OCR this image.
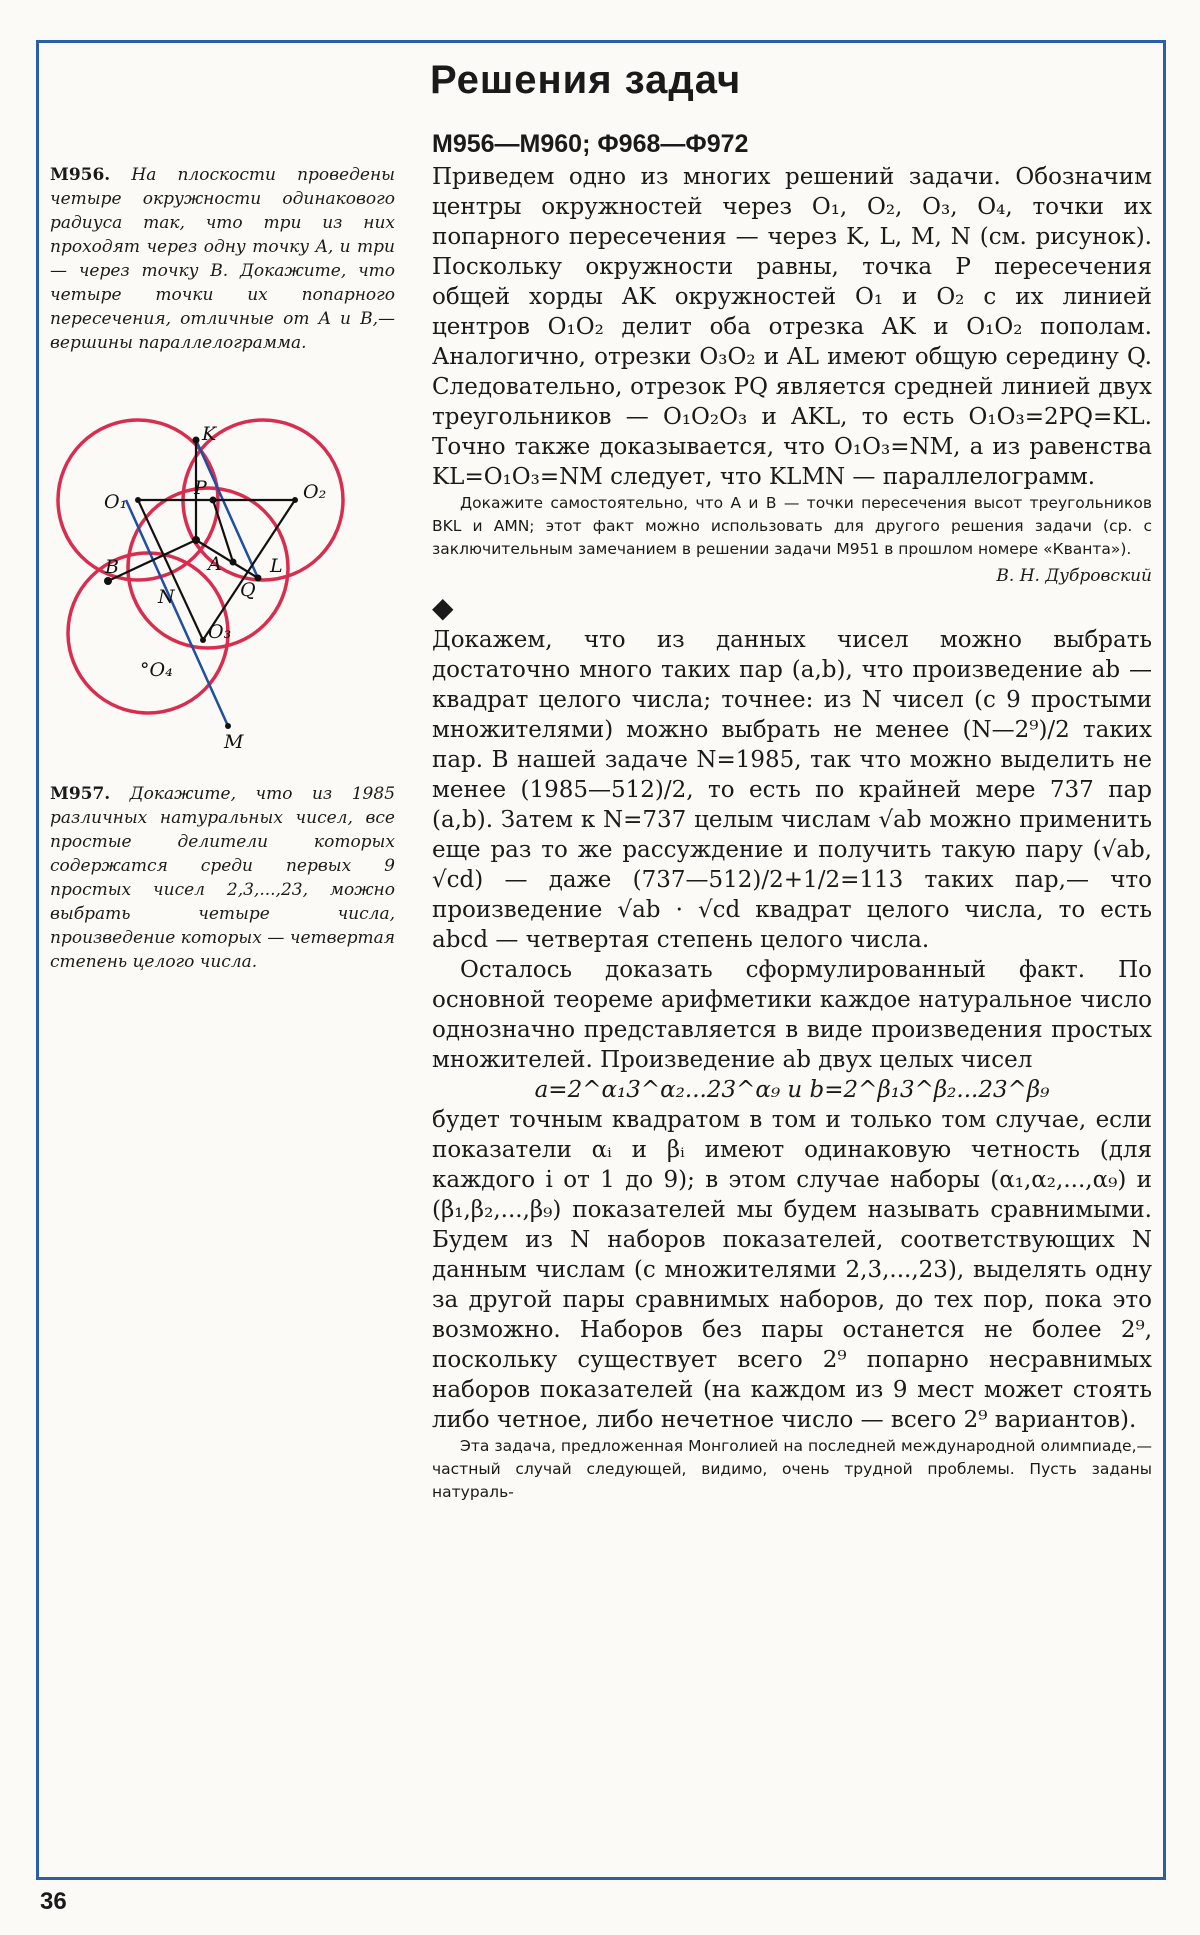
Решения задач
М956. На плоскости проведены четыре окружности одинакового радиуса так, что три из них проходят через одну точку A, и три — через точку B. Докажите, что четыре точки их попарного пересечения, отличные от A и B,— вершины параллелограмма.
K
P
O₁	O₂
B	A	L
N	Q
O₃
°O₄
M
М957. Докажите, что из 1985 различных натуральных чисел, все простые делители которых содержатся среди первых 9 простых чисел 2,3,...,23, можно выбрать четыре числа, произведение которых — четвертая степень целого числа.
М956—М960; Ф968—Ф972

Приведем одно из многих решений задачи. Обозначим центры окружностей через O₁, O₂, O₃, O₄, точки их попарного пересечения — через K, L, M, N (см. рисунок). Поскольку окружности равны, точка P пересечения общей хорды AK окружностей O₁ и O₂ с их линией центров O₁O₂ делит оба отрезка AK и O₁O₂ пополам. Аналогично, отрезки O₃O₂ и AL имеют общую середину Q. Следовательно, отрезок PQ является средней линией двух треугольников — O₁O₂O₃ и AKL, то есть O₁O₃=2PQ=KL. Точно также доказывается, что O₁O₃=NM, а из равенства KL=O₁O₃=NM следует, что KLMN — параллелограмм.

Докажите самостоятельно, что A и B — точки пересечения высот треугольников BKL и AMN; этот факт можно использовать для другого решения задачи (ср. с заключительным замечанием в решении задачи М951 в прошлом номере «Кванта»).

В. Н. Дубровский

◆

Докажем, что из данных чисел можно выбрать достаточно много таких пар (a,b), что произведение ab — квадрат целого числа; точнее: из N чисел (с 9 простыми множителями) можно выбрать не менее (N—2⁹)/2 таких пар. В нашей задаче N=1985, так что можно выделить не менее (1985—512)/2, то есть по крайней мере 737 пар (a,b). Затем к N=737 целым числам √ab можно применить еще раз то же рассуждение и получить такую пару (√ab, √cd) — даже (737—512)/2+1/2=113 таких пар,— что произведение √ab · √cd квадрат целого числа, то есть abcd — четвертая степень целого числа.

Осталось доказать сформулированный факт. По основной теореме арифметики каждое натуральное число однозначно представляется в виде произведения простых множителей. Произведение ab двух целых чисел

a=2^α₁3^α₂...23^α₉ и b=2^β₁3^β₂...23^β₉

будет точным квадратом в том и только том случае, если показатели αᵢ и βᵢ имеют одинаковую четность (для каждого i от 1 до 9); в этом случае наборы (α₁,α₂,...,α₉) и (β₁,β₂,...,β₉) показателей мы будем называть сравнимыми. Будем из N наборов показателей, соответствующих N данным числам (с множителями 2,3,...,23), выделять одну за другой пары сравнимых наборов, до тех пор, пока это возможно. Наборов без пары останется не более 2⁹, поскольку существует всего 2⁹ попарно несравнимых наборов показателей (на каждом из 9 мест может стоять либо четное, либо нечетное число — всего 2⁹ вариантов).

Эта задача, предложенная Монголией на последней международной олимпиаде,— частный случай следующей, видимо, очень трудной проблемы. Пусть заданы натураль-

36
